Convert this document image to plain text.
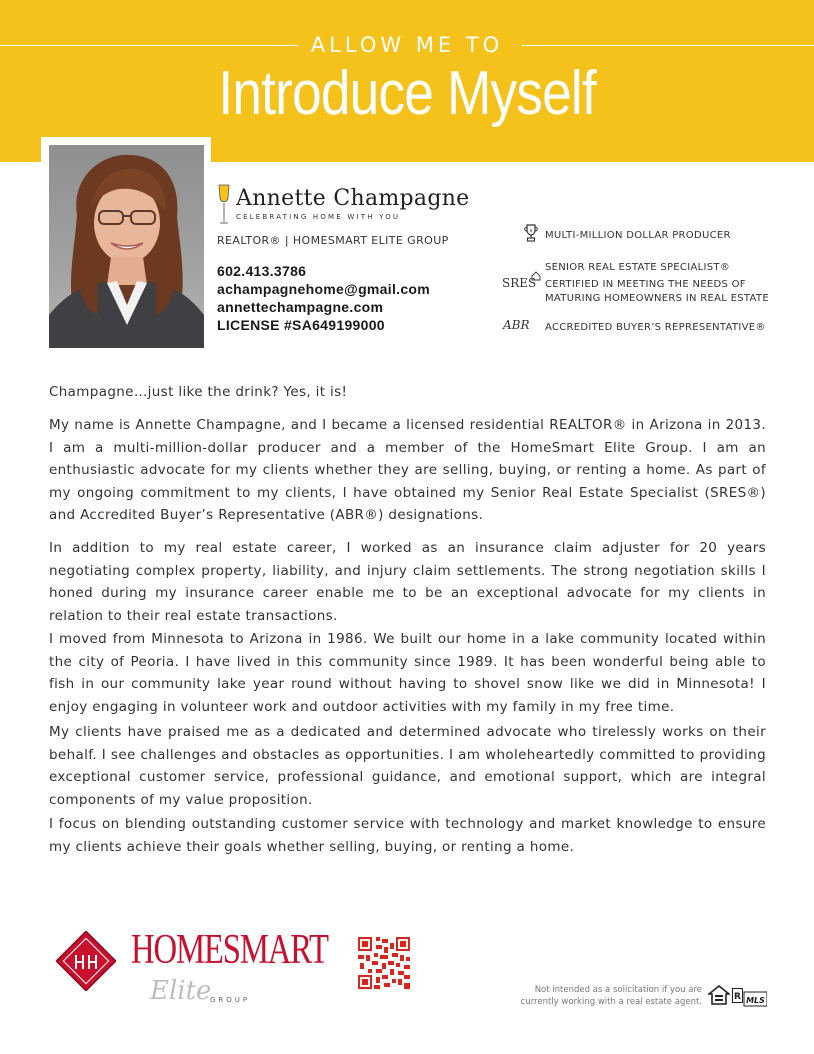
ALLOW ME TO
Introduce Myself
Annette Champagne
CELEBRATING HOME WITH YOU
REALTOR® | HOMESMART ELITE GROUP
602.413.3786
achampagnehome@gmail.com
annettechampagne.com
LICENSE #SA649199000
$ MULTI-MILLION DOLLAR PRODUCER
SRES
SENIOR REAL ESTATE SPECIALIST®
CERTIFIED IN MEETING THE NEEDS OF
MATURING HOMEOWNERS IN REAL ESTATE
ABR ACCREDITED BUYER’S REPRESENTATIVE®
Champagne…just like the drink? Yes, it is!
My name is Annette Champagne, and I became a licensed residential REALTOR® in Arizona in 2013. I am a multi-million-dollar producer and a member of the HomeSmart Elite Group. I am an enthusiastic advocate for my clients whether they are selling, buying, or renting a home. As part of my ongoing commitment to my clients, I have obtained my Senior Real Estate Specialist (SRES®) and Accredited Buyer’s Representative (ABR®) designations.
In addition to my real estate career, I worked as an insurance claim adjuster for 20 years negotiating complex property, liability, and injury claim settlements. The strong negotiation skills I honed during my insurance career enable me to be an exceptional advocate for my clients in relation to their real estate transactions.
I moved from Minnesota to Arizona in 1986. We built our home in a lake community located within the city of Peoria. I have lived in this community since 1989. It has been wonderful being able to fish in our community lake year round without having to shovel snow like we did in Minnesota! I enjoy engaging in volunteer work and outdoor activities with my family in my free time.
My clients have praised me as a dedicated and determined advocate who tirelessly works on their behalf. I see challenges and obstacles as opportunities. I am wholeheartedly committed to providing exceptional customer service, professional guidance, and emotional support, which are integral components of my value proposition.
I focus on blending outstanding customer service with technology and market knowledge to ensure my clients achieve their goals whether selling, buying, or renting a home.
HOMESMART
Elite
GROUP
Not intended as a solicitation if you are
currently working with a real estate agent.	R MLS
